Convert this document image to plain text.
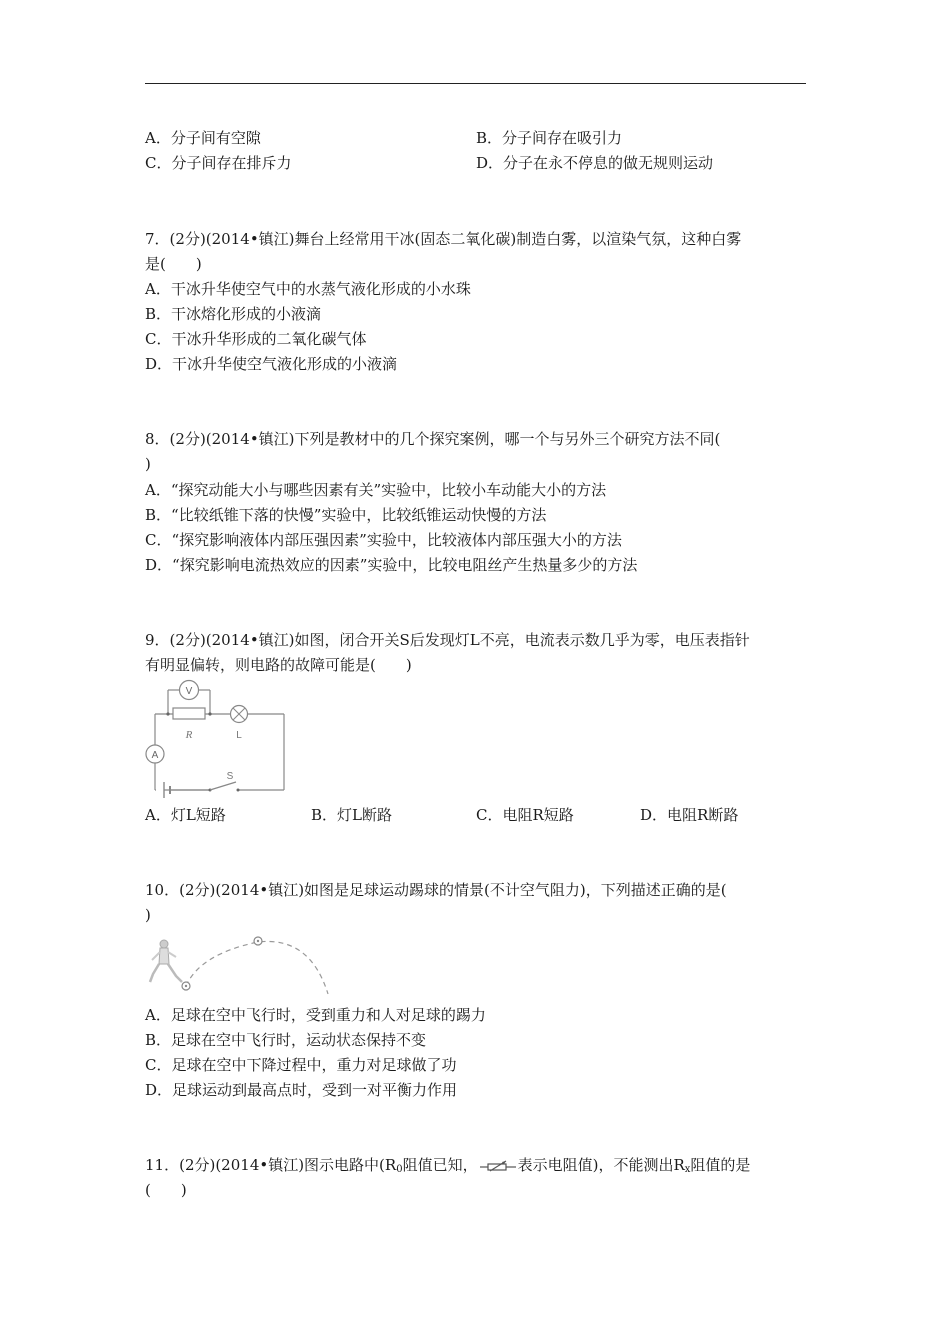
A．分子间有空隙	B．分子间存在吸引力
C．分子间存在排斥力	D．分子在永不停息的做无规则运动
7．(2分)(2014•镇江)舞台上经常用干冰(固态二氧化碳)制造白雾，以渲染气氛，这种白雾
是(　　)
A．干冰升华使空气中的水蒸气液化形成的小水珠
B．干冰熔化形成的小液滴
C．干冰升华形成的二氧化碳气体
D．干冰升华使空气液化形成的小液滴
8．(2分)(2014•镇江)下列是教材中的几个探究案例，哪一个与另外三个研究方法不同(
)
A．“探究动能大小与哪些因素有关”实验中，比较小车动能大小的方法
B．“比较纸锥下落的快慢”实验中，比较纸锥运动快慢的方法
C．“探究影响液体内部压强因素”实验中，比较液体内部压强大小的方法
D．“探究影响电流热效应的因素”实验中，比较电阻丝产生热量多少的方法
9．(2分)(2014•镇江)如图，闭合开关S后发现灯L不亮，电流表示数几乎为零，电压表指针
有明显偏转，则电路的故障可能是(　　)
V
R	L
A
S
A．灯L短路	B．灯L断路	C．电阻R短路	D．电阻R断路
10．(2分)(2014•镇江)如图是足球运动踢球的情景(不计空气阻力)，下列描述正确的是(
)
A．足球在空中飞行时，受到重力和人对足球的踢力
B．足球在空中飞行时，运动状态保持不变
C．足球在空中下降过程中，重力对足球做了功
D．足球运动到最高点时，受到一对平衡力作用
11．(2分)(2014•镇江)图示电路中($R_0$阻值已知，	表示电阻值)，不能测出$R_x$阻值的是
(　　)
